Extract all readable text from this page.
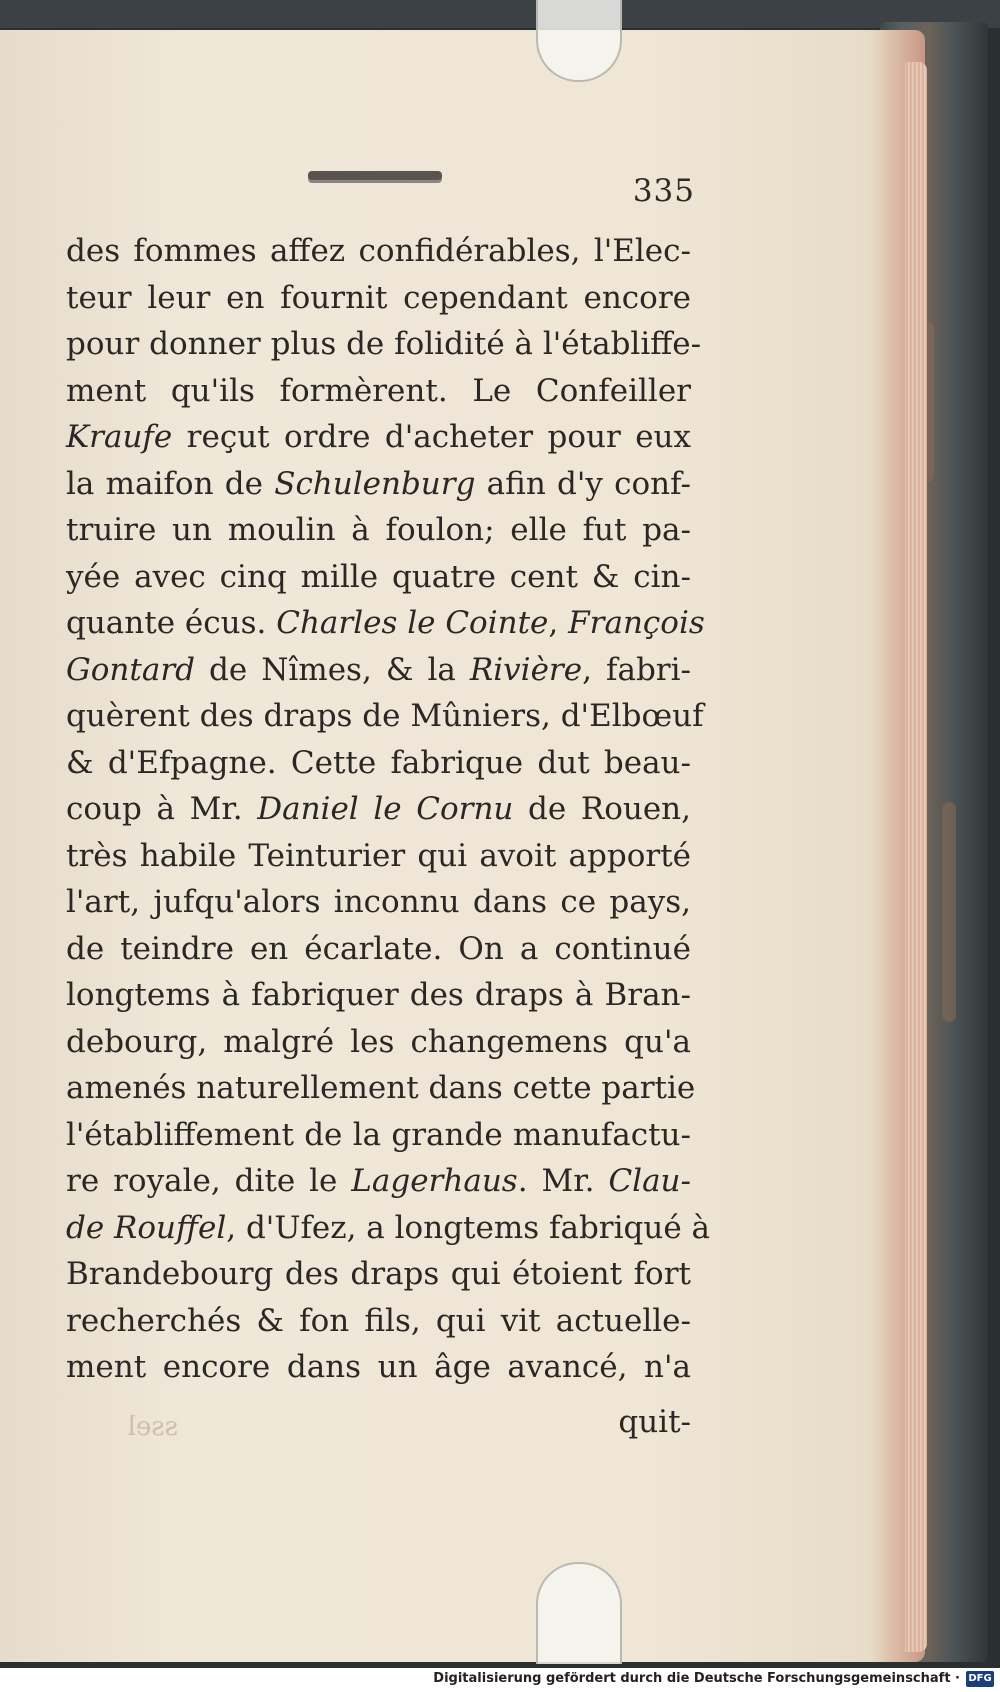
335
des fommes affez confidérables, l'Elec-
teur leur en fournit cependant encore
pour donner plus de folidité à l'établiffe-
ment qu'ils formèrent. Le Confeiller
Kraufe reçut ordre d'acheter pour eux
la maifon de Schulenburg afin d'y conf-
truire un moulin à foulon; elle fut pa-
yée avec cinq mille quatre cent & cin-
quante écus. Charles le Cointe, François
Gontard de Nîmes, & la Rivière, fabri-
quèrent des draps de Mûniers, d'Elbœuf
& d'Efpagne. Cette fabrique dut beau-
coup à Mr. Daniel le Cornu de Rouen,
très habile Teinturier qui avoit apporté
l'art, jufqu'alors inconnu dans ce pays,
de teindre en écarlate. On a continué
longtems à fabriquer des draps à Bran-
debourg, malgré les changemens qu'a
amenés naturellement dans cette partie
l'établiffement de la grande manufactu-
re royale, dite le Lagerhaus. Mr. Clau-
de Rouffel, d'Ufez, a longtems fabriqué à
Brandebourg des draps qui étoient fort
recherchés & fon fils, qui vit actuelle-
ment encore dans un âge avancé, n'a
quit-
ssel
Digitalisierung gefördert durch die Deutsche Forschungsgemeinschaft · DFG
